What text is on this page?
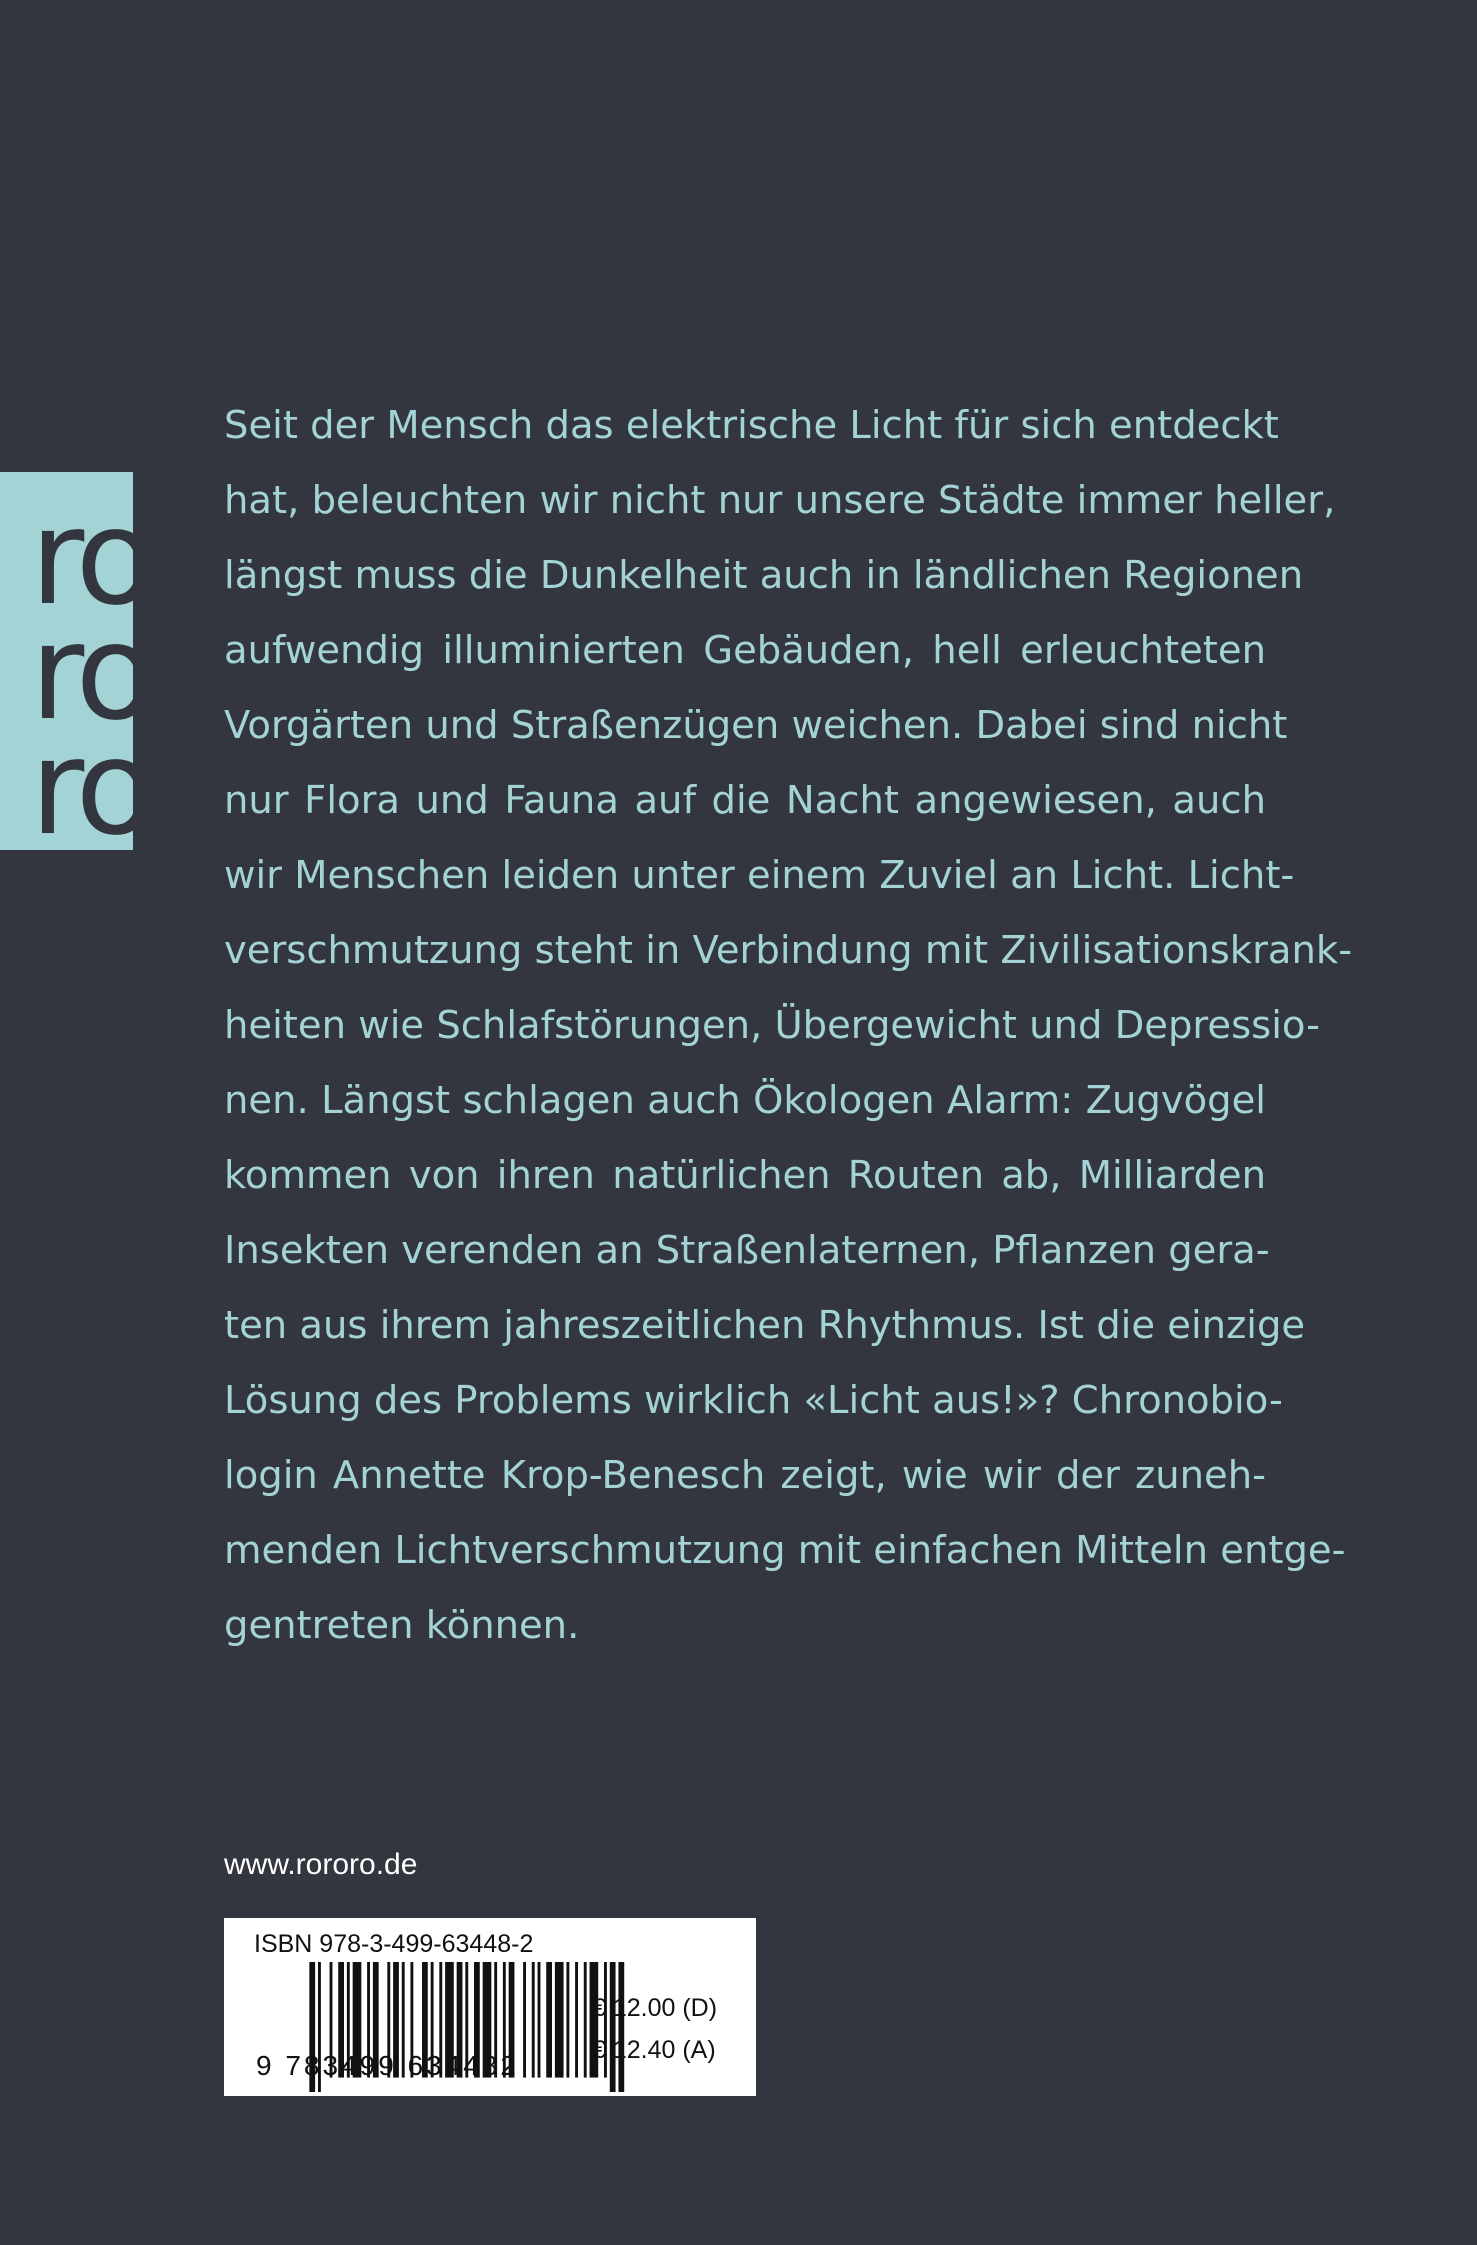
ro
ro
ro
Seit der Mensch das elektrische Licht für sich entdeckt
hat, beleuchten wir nicht nur unsere Städte immer heller,
längst muss die Dunkelheit auch in ländlichen Regionen
aufwendig illuminierten Gebäuden, hell erleuchteten
Vorgärten und Straßenzügen weichen. Dabei sind nicht
nur Flora und Fauna auf die Nacht angewiesen, auch
wir Menschen leiden unter einem Zuviel an Licht. Licht-
verschmutzung steht in Verbindung mit Zivilisationskrank-
heiten wie Schlafstörungen, Übergewicht und Depressio-
nen. Längst schlagen auch Ökologen Alarm: Zugvögel
kommen von ihren natürlichen Routen ab, Milliarden
Insekten verenden an Straßenlaternen, Pflanzen gera-
ten aus ihrem jahreszeitlichen Rhythmus. Ist die einzige
Lösung des Problems wirklich «Licht aus!»? Chronobio-
login Annette Krop-Benesch zeigt, wie wir der zuneh-
menden Lichtverschmutzung mit einfachen Mitteln entge-
gentreten können.
www.rororo.de
ISBN 978-3-499-63448-2
9 783499 634482
€ 12.00 (D)
€ 12.40 (A)
